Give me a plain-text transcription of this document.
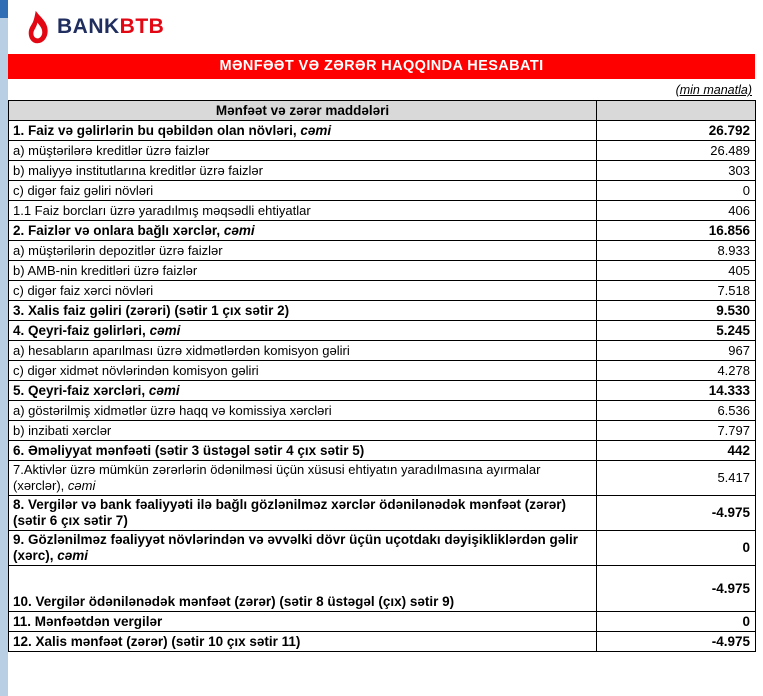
BANKBTB
MƏNFƏƏT VƏ ZƏRƏR HAQQINDA HESABATI
(min manatla)
Mənfəət və zərər maddələri	
1. Faiz və gəlirlərin bu qəbildən olan növləri, cəmi	26.792
a) müştərilərə kreditlər üzrə faizlər	26.489
b) maliyyə institutlarına kreditlər üzrə faizlər	303
c) digər faiz gəliri növləri	0
1.1 Faiz borcları üzrə yaradılmış məqsədli ehtiyatlar	406
2. Faizlər və onlara bağlı xərclər, cəmi	16.856
a) müştərilərin depozitlər üzrə faizlər	8.933
b) AMB-nin kreditləri üzrə faizlər	405
c) digər faiz xərci növləri	7.518
3. Xalis faiz gəliri (zərəri) (sətir 1 çıx sətir 2)	9.530
4. Qeyri-faiz gəlirləri, cəmi	5.245
a) hesabların aparılması üzrə xidmətlərdən komisyon gəliri	967
c) digər xidmət növlərindən komisyon gəliri	4.278
5. Qeyri-faiz xərcləri, cəmi	14.333
a) göstərilmiş xidmətlər üzrə haqq və komissiya xərcləri	6.536
b) inzibati xərclər	7.797
6. Əməliyyat mənfəəti (sətir 3 üstəgəl sətir 4 çıx sətir 5)	442
7.Aktivlər üzrə mümkün zərərlərin ödənilməsi üçün xüsusi ehtiyatın yaradılmasına ayırmalar (xərclər), cəmi	5.417
8. Vergilər və bank fəaliyyəti ilə bağlı gözlənilməz xərclər ödənilənədək mənfəət (zərər) (sətir 6 çıx sətir 7)	-4.975
9. Gözlənilməz fəaliyyət növlərindən və əvvəlki dövr üçün uçotdakı dəyişikliklərdən gəlir (xərc), cəmi	0
10. Vergilər ödənilənədək mənfəət (zərər) (sətir 8 üstəgəl (çıx) sətir 9)	-4.975
11. Mənfəətdən vergilər	0
12. Xalis mənfəət (zərər) (sətir 10 çıx sətir 11)	-4.975
